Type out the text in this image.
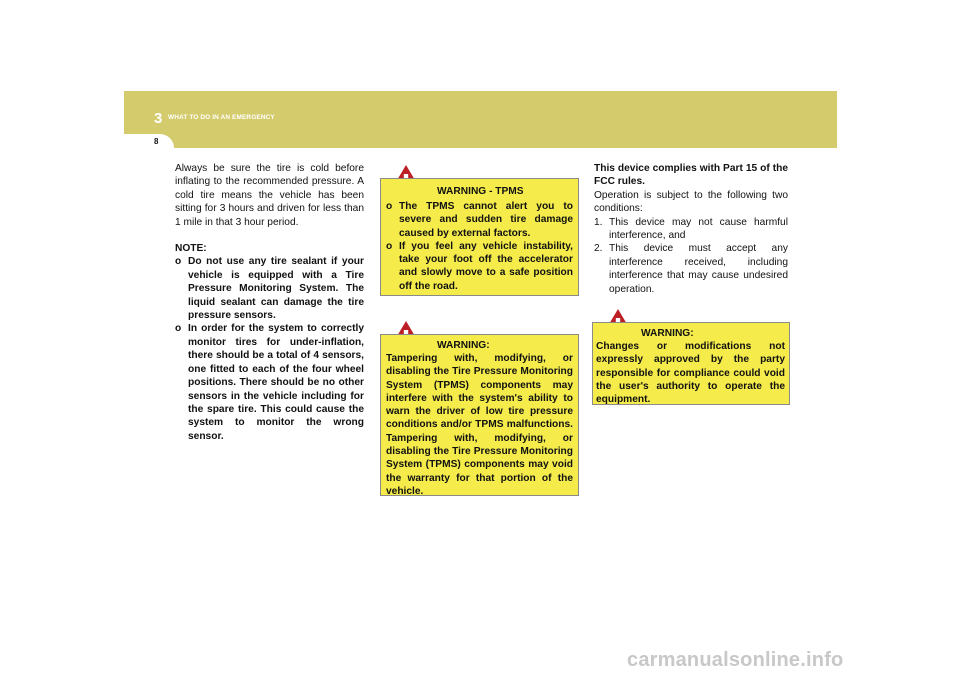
3 WHAT TO DO IN AN EMERGENCY
8
Always be sure the tire is cold before inflating to the recommended pressure. A cold tire means the vehicle has been sitting for 3 hours and driven for less than 1 mile in that 3 hour period.
NOTE:
o Do not use any tire sealant if your vehicle is equipped with a Tire Pressure Monitoring System. The liquid sealant can damage the tire pressure sensors.
o In order for the system to correctly monitor tires for under-inflation, there should be a total of 4 sensors, one fitted to each of the four wheel positions. There should be no other sensors in the vehicle including for the spare tire. This could cause the system to monitor the wrong sensor.
WARNING - TPMS
o The TPMS cannot alert you to severe and sudden tire damage caused by external factors.
o If you feel any vehicle instability, take your foot off the accelerator and slowly move to a safe position off the road.
WARNING:
Tampering with, modifying, or disabling the Tire Pressure Monitoring System (TPMS) components may interfere with the system's ability to warn the driver of low tire pressure conditions and/or TPMS malfunctions. Tampering with, modifying, or disabling the Tire Pressure Monitoring System (TPMS) components may void the warranty for that portion of the vehicle.
This device complies with Part 15 of the FCC rules.
Operation is subject to the following two conditions:
1. This device may not cause harmful interference, and
2. This device must accept any interference received, including interference that may cause undesired operation.
WARNING:
Changes or modifications not expressly approved by the party responsible for compliance could void the user's authority to operate the equipment.
carmanualsonline.info
